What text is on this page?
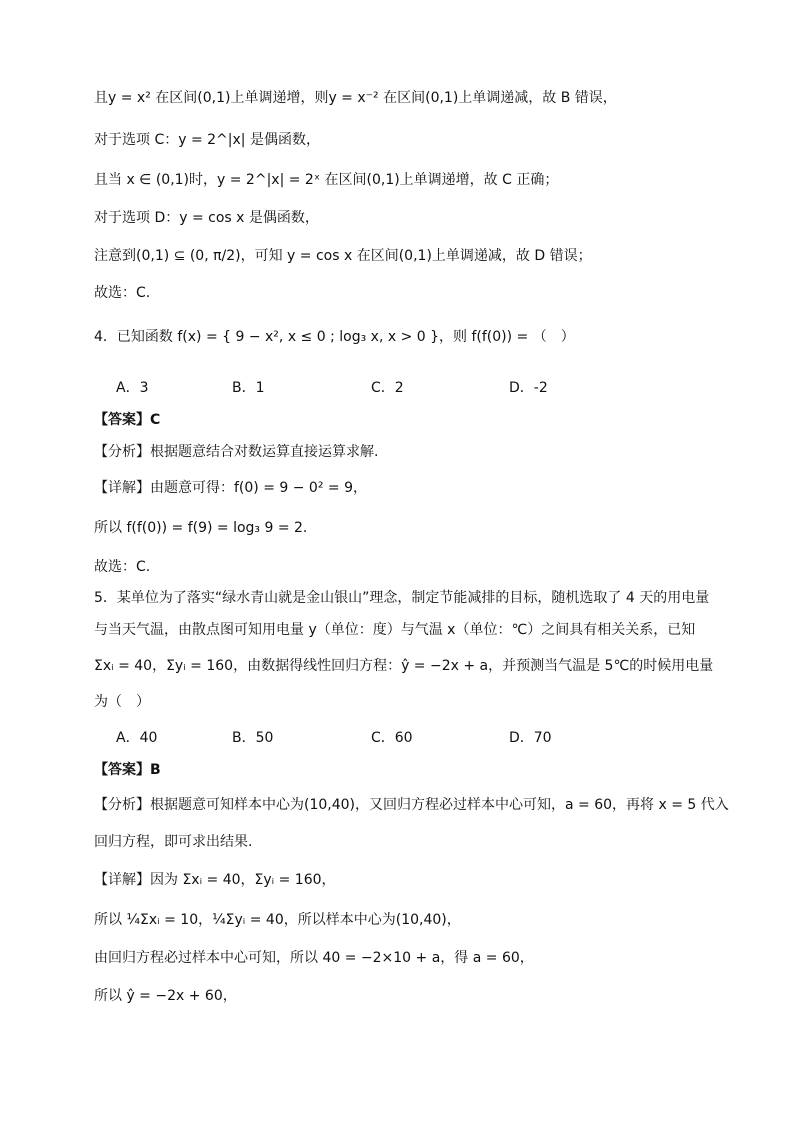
且y = x² 在区间(0,1)上单调递增，则y = x⁻² 在区间(0,1)上单调递减，故 B 错误，
对于选项 C：y = 2^|x| 是偶函数，
且当 x ∈ (0,1)时，y = 2^|x| = 2ˣ 在区间(0,1)上单调递增，故 C 正确；
对于选项 D：y = cos x 是偶函数，
注意到(0,1) ⊆ (0, π/2)，可知 y = cos x 在区间(0,1)上单调递减，故 D 错误；
故选：C.
4．已知函数 f(x) = { 9 − x², x ≤ 0 ; log₃ x, x > 0 }，则 f(f(0)) = （　）
A．3	B．1	C．2	D．-2
【答案】C
【分析】根据题意结合对数运算直接运算求解.
【详解】由题意可得：f(0) = 9 − 0² = 9，
所以 f(f(0)) = f(9) = log₃ 9 = 2.
故选：C.
5．某单位为了落实“绿水青山就是金山银山”理念，制定节能减排的目标，随机选取了 4 天的用电量
与当天气温，由散点图可知用电量 y（单位：度）与气温 x（单位：℃）之间具有相关关系，已知
Σxᵢ = 40，Σyᵢ = 160，由数据得线性回归方程：ŷ = −2x + a，并预测当气温是 5℃的时候用电量
为（　）
A．40	B．50	C．60	D．70
【答案】B
【分析】根据题意可知样本中心为(10,40)，又回归方程必过样本中心可知，a = 60，再将 x = 5 代入
回归方程，即可求出结果.
【详解】因为 Σxᵢ = 40，Σyᵢ = 160，
所以 ¼Σxᵢ = 10，¼Σyᵢ = 40，所以样本中心为(10,40)，
由回归方程必过样本中心可知，所以 40 = −2×10 + a，得 a = 60，
所以 ŷ = −2x + 60，
